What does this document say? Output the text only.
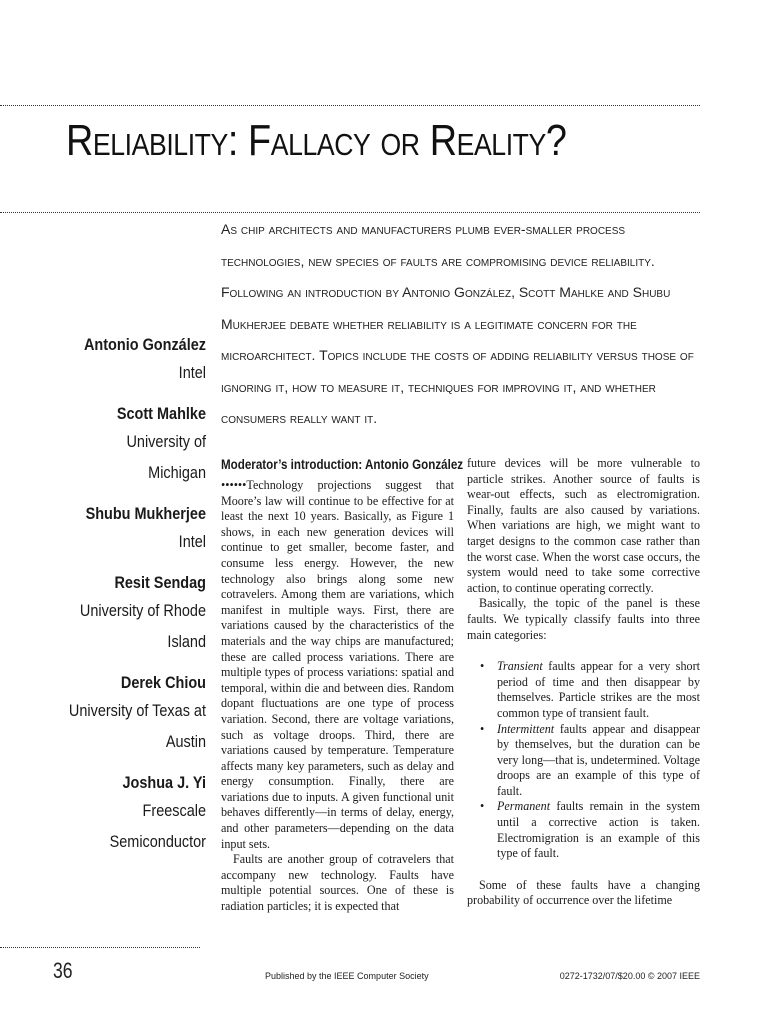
Reliability: Fallacy or Reality?

As chip architects and manufacturers plumb ever-smaller process technologies, new species of faults are compromising device reliability. Following an introduction by Antonio González, Scott Mahlke and Shubu Mukherjee debate whether reliability is a legitimate concern for the microarchitect. Topics include the costs of adding reliability versus those of ignoring it, how to measure it, techniques for improving it, and whether consumers really want it.

Antonio González
Intel
Scott Mahlke
University of Michigan
Shubu Mukherjee
Intel
Resit Sendag
University of Rhode Island
Derek Chiou
University of Texas at Austin
Joshua J. Yi
Freescale Semiconductor
Moderator’s introduction: Antonio González

••••••Technology projections suggest that Moore’s law will continue to be effective for at least the next 10 years. Basically, as Figure 1 shows, in each new generation devices will continue to get smaller, become faster, and consume less energy. However, the new technology also brings along some new cotravelers. Among them are variations, which manifest in multiple ways. First, there are variations caused by the characteristics of the materials and the way chips are manufactured; these are called process variations. There are multiple types of process variations: spatial and temporal, within die and between dies. Random dopant fluctuations are one type of process variation. Second, there are voltage variations, such as voltage droops. Third, there are variations caused by temperature. Temperature affects many key parameters, such as delay and energy consumption. Finally, there are variations due to inputs. A given functional unit behaves differently—in terms of delay, energy, and other parameters—depending on the data input sets.

Faults are another group of cotravelers that accompany new technology. Faults have multiple potential sources. One of these is radiation particles; it is expected that

future devices will be more vulnerable to particle strikes. Another source of faults is wear-out effects, such as electromigration. Finally, faults are also caused by variations. When variations are high, we might want to target designs to the common case rather than the worst case. When the worst case occurs, the system would need to take some corrective action, to continue operating correctly.

Basically, the topic of the panel is these faults. We typically classify faults into three main categories:

• Transient faults appear for a very short period of time and then disappear by themselves. Particle strikes are the most common type of transient fault.
• Intermittent faults appear and disappear by themselves, but the duration can be very long—that is, undetermined. Voltage droops are an example of this type of fault.
• Permanent faults remain in the system until a corrective action is taken. Electromigration is an example of this type of fault.

Some of these faults have a changing probability of occurrence over the lifetime

36	Published by the IEEE Computer Society	0272-1732/07/$20.00 © 2007 IEEE
